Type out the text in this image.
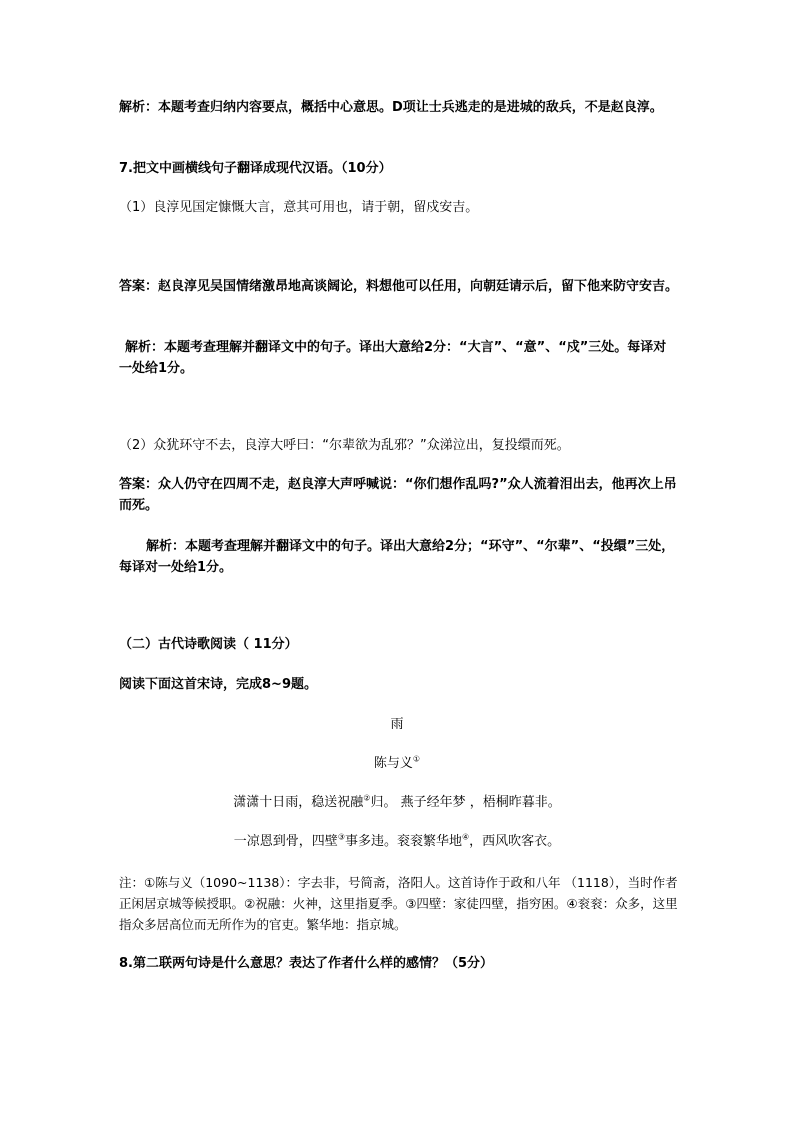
解析：本题考查归纳内容要点，概括中心意思。D项让士兵逃走的是进城的敌兵，不是赵良淳。

7.把文中画横线句子翻译成现代汉语。（10分）

（1）良淳见国定慷慨大言，意其可用也，请于朝，留戍安吉。

答案：赵良淳见吴国情绪激昂地高谈阔论，料想他可以任用，向朝廷请示后，留下他来防守安吉。

解析：本题考查理解并翻译文中的句子。译出大意给2分：“大言”、“意”、“戍”三处。每译对一处给1分。

（2）众犹环守不去，良淳大呼曰：“尔辈欲为乱邪？”众涕泣出，复投缳而死。

答案：众人仍守在四周不走，赵良淳大声呼喊说：“你们想作乱吗?”众人流着泪出去，他再次上吊而死。

解析：本题考查理解并翻译文中的句子。译出大意给2分；“环守”、“尔辈”、“投缳”三处，每译对一处给1分。

（二）古代诗歌阅读（ 11分）

阅读下面这首宋诗，完成8~9题。

雨

陈与义①

潇潇十日雨，稳送祝融②归。 燕子经年梦 ，梧桐昨暮非。

一凉恩到骨，四壁③事多违。衮衮繁华地④，西风吹客衣。

注：①陈与义（1090~1138）：字去非，号简斋，洛阳人。这首诗作于政和八年 （1118），当时作者正闲居京城等候授职。②祝融：火神，这里指夏季。③四壁：家徒四壁，指穷困。④衮衮：众多，这里指众多居高位而无所作为的官吏。繁华地：指京城。

8.第二联两句诗是什么意思？表达了作者什么样的感情？（5分）
